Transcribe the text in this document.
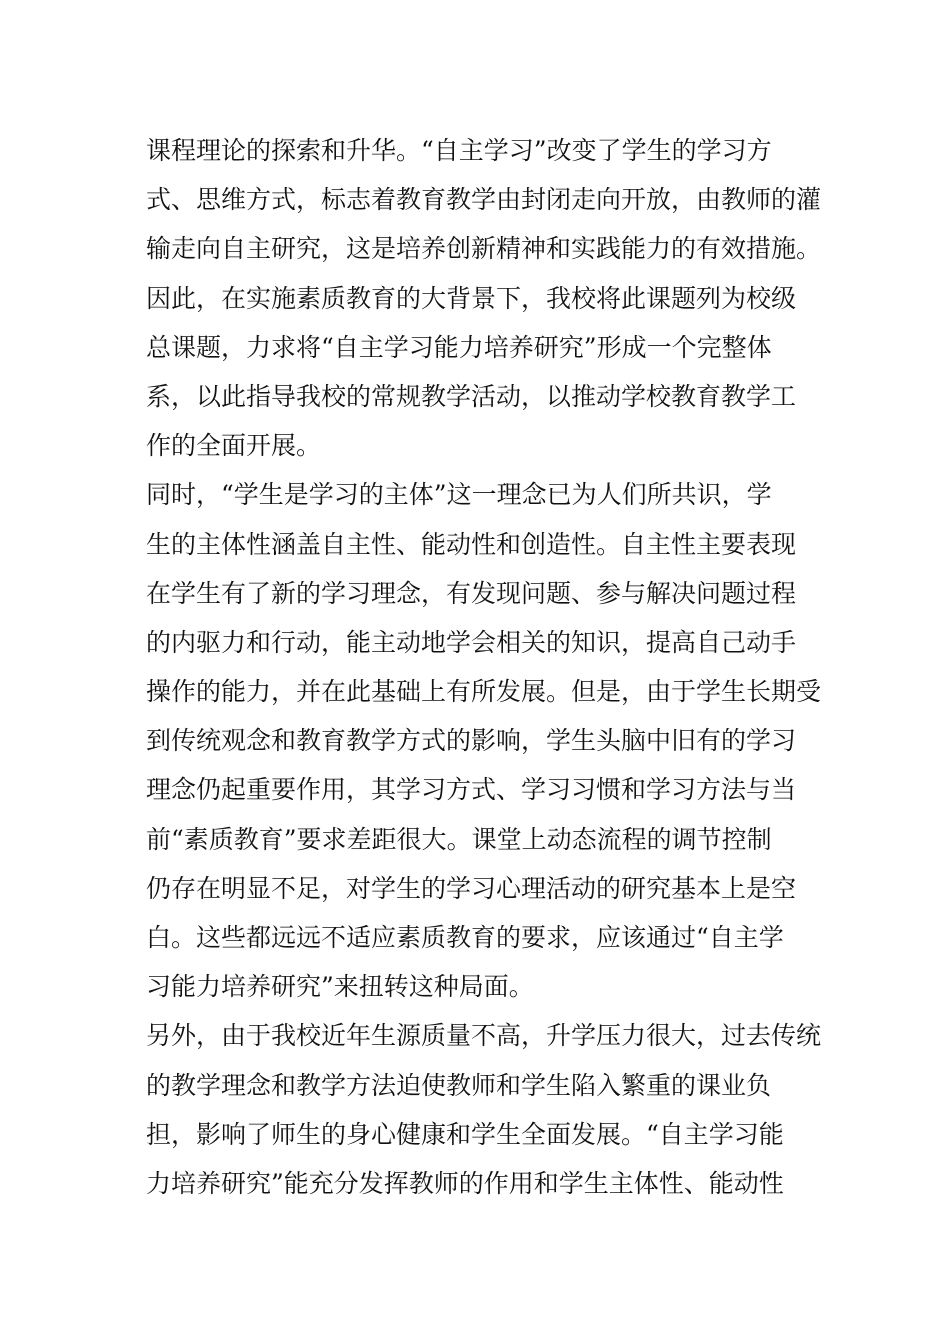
课程理论的探索和升华。“自主学习”改变了学生的学习方
式、思维方式，标志着教育教学由封闭走向开放，由教师的灌
输走向自主研究，这是培养创新精神和实践能力的有效措施。
因此，在实施素质教育的大背景下，我校将此课题列为校级
总课题，力求将“自主学习能力培养研究”形成一个完整体
系，以此指导我校的常规教学活动，以推动学校教育教学工
作的全面开展。
同时，“学生是学习的主体”这一理念已为人们所共识，学
生的主体性涵盖自主性、能动性和创造性。自主性主要表现
在学生有了新的学习理念，有发现问题、参与解决问题过程
的内驱力和行动，能主动地学会相关的知识，提高自己动手
操作的能力，并在此基础上有所发展。但是，由于学生长期受
到传统观念和教育教学方式的影响，学生头脑中旧有的学习
理念仍起重要作用，其学习方式、学习习惯和学习方法与当
前“素质教育”要求差距很大。课堂上动态流程的调节控制
仍存在明显不足，对学生的学习心理活动的研究基本上是空
白。这些都远远不适应素质教育的要求，应该通过“自主学
习能力培养研究”来扭转这种局面。
另外，由于我校近年生源质量不高，升学压力很大，过去传统
的教学理念和教学方法迫使教师和学生陷入繁重的课业负
担，影响了师生的身心健康和学生全面发展。“自主学习能
力培养研究”能充分发挥教师的作用和学生主体性、能动性
